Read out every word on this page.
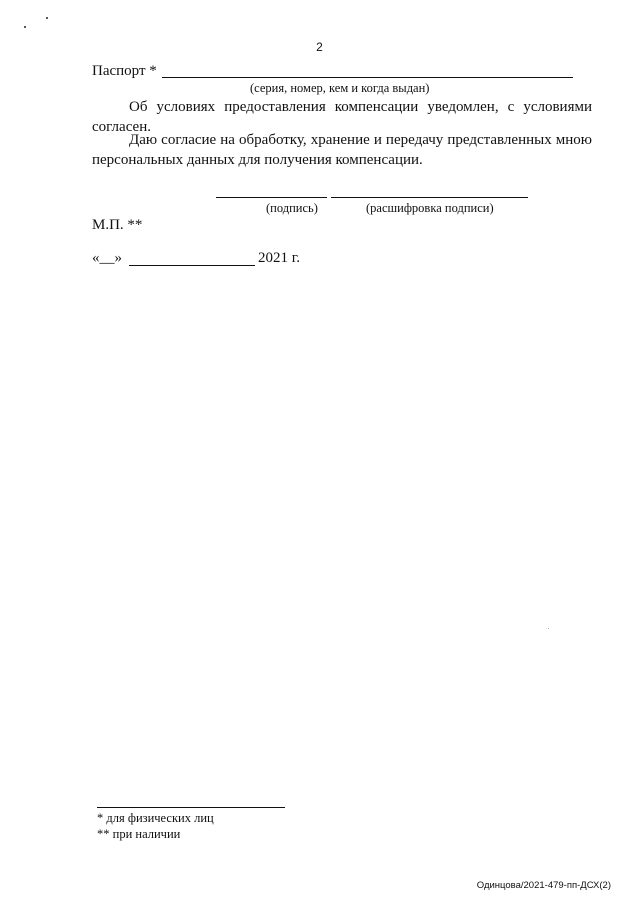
2
Паспорт *
(серия, номер, кем и когда выдан)
Об условиях предоставления компенсации уведомлен, с условиями согласен.
Даю согласие на обработку, хранение и передачу представленных мною персональных данных для получения компенсации.
(подпись)	(расшифровка подписи)
М.П. **
«__»	2021 г.
* для физических лиц
** при наличии
Одинцова/2021-479-пп-ДСХ(2)
